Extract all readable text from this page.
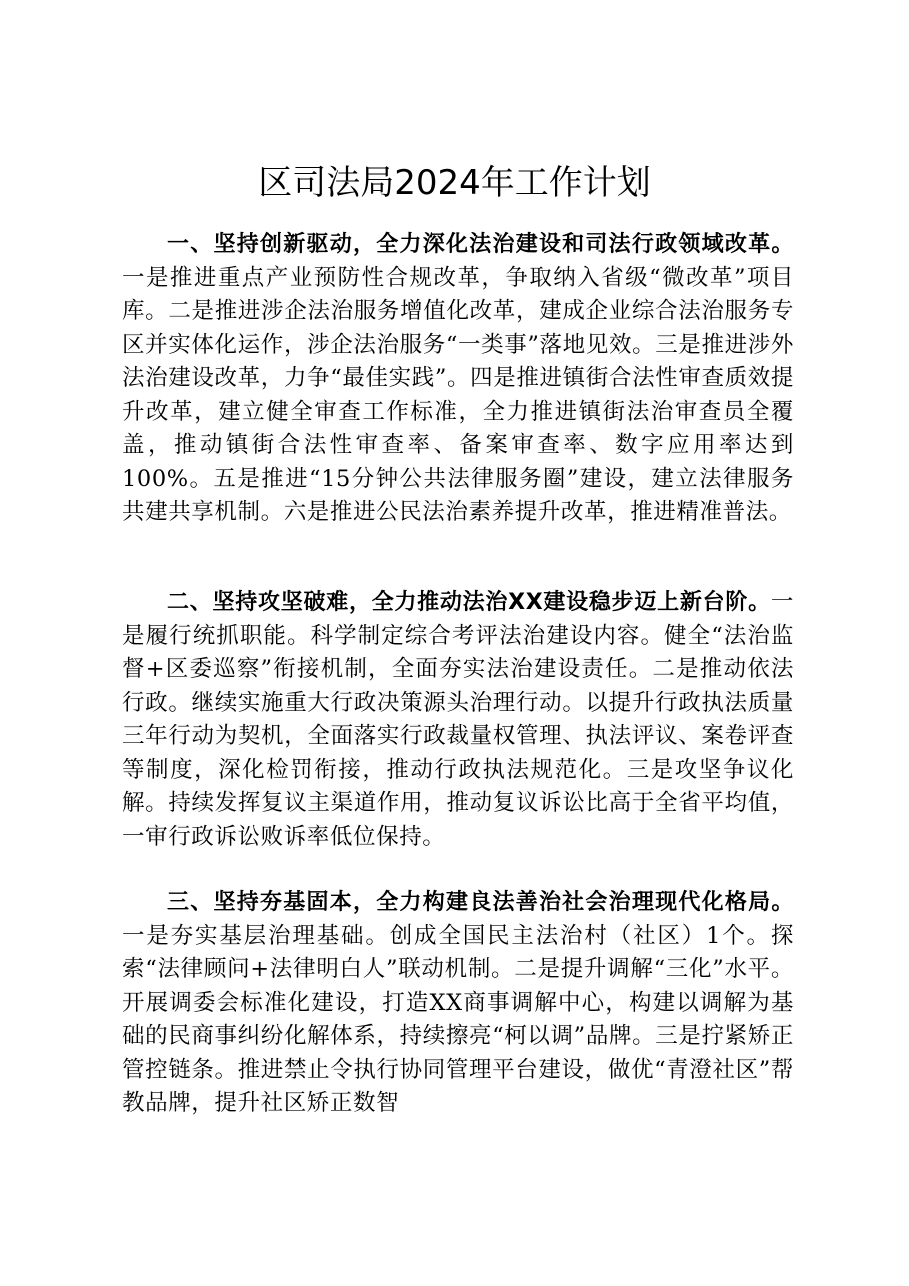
区司法局2024年工作计划

一、坚持创新驱动，全力深化法治建设和司法行政领域改革。一是推进重点产业预防性合规改革，争取纳入省级“微改革”项目库。二是推进涉企法治服务增值化改革，建成企业综合法治服务专区并实体化运作，涉企法治服务“一类事”落地见效。三是推进涉外法治建设改革，力争“最佳实践”。四是推进镇街合法性审查质效提升改革，建立健全审查工作标准，全力推进镇街法治审查员全覆盖，推动镇街合法性审查率、备案审查率、数字应用率达到100%。五是推进“15分钟公共法律服务圈”建设，建立法律服务共建共享机制。六是推进公民法治素养提升改革，推进精准普法。

二、坚持攻坚破难，全力推动法治XX建设稳步迈上新台阶。一是履行统抓职能。科学制定综合考评法治建设内容。健全“法治监督+区委巡察”衔接机制，全面夯实法治建设责任。二是推动依法行政。继续实施重大行政决策源头治理行动。以提升行政执法质量三年行动为契机，全面落实行政裁量权管理、执法评议、案卷评查等制度，深化检罚衔接，推动行政执法规范化。三是攻坚争议化解。持续发挥复议主渠道作用，推动复议诉讼比高于全省平均值，一审行政诉讼败诉率低位保持。

三、坚持夯基固本，全力构建良法善治社会治理现代化格局。一是夯实基层治理基础。创成全国民主法治村（社区）1个。探索“法律顾问+法律明白人”联动机制。二是提升调解“三化”水平。开展调委会标准化建设，打造XX商事调解中心，构建以调解为基础的民商事纠纷化解体系，持续擦亮“柯以调”品牌。三是拧紧矫正管控链条。推进禁止令执行协同管理平台建设，做优“青澄社区”帮教品牌，提升社区矫正数智
